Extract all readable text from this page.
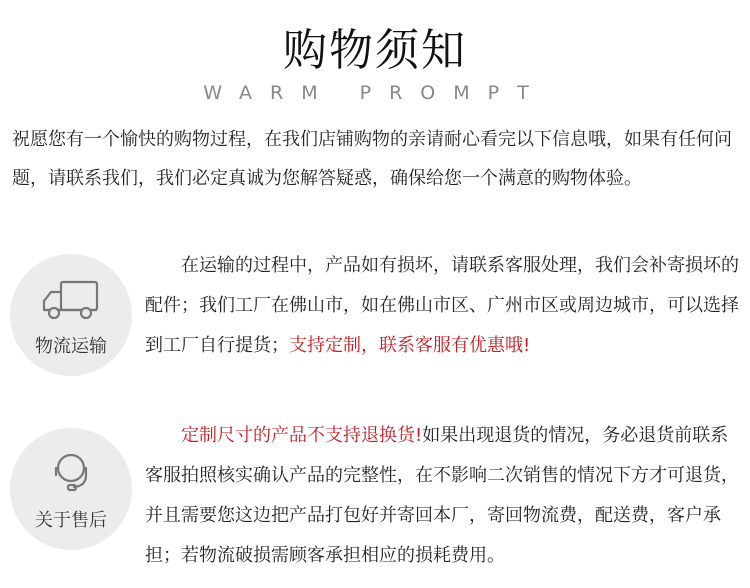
购物须知
WARM PROMPT
祝愿您有一个愉快的购物过程，在我们店铺购物的亲请耐心看完以下信息哦，如果有任何问题，请联系我们，我们必定真诚为您解答疑惑，确保给您一个满意的购物体验。
物流运输
在运输的过程中，产品如有损坏，请联系客服处理，我们会补寄损坏的配件；我们工厂在佛山市，如在佛山市区、广州市区或周边城市，可以选择到工厂自行提货；支持定制，联系客服有优惠哦!
关于售后
定制尺寸的产品不支持退换货!如果出现退货的情况，务必退货前联系客服拍照核实确认产品的完整性，在不影响二次销售的情况下方才可退货，并且需要您这边把产品打包好并寄回本厂，寄回物流费，配送费，客户承担；若物流破损需顾客承担相应的损耗费用。
